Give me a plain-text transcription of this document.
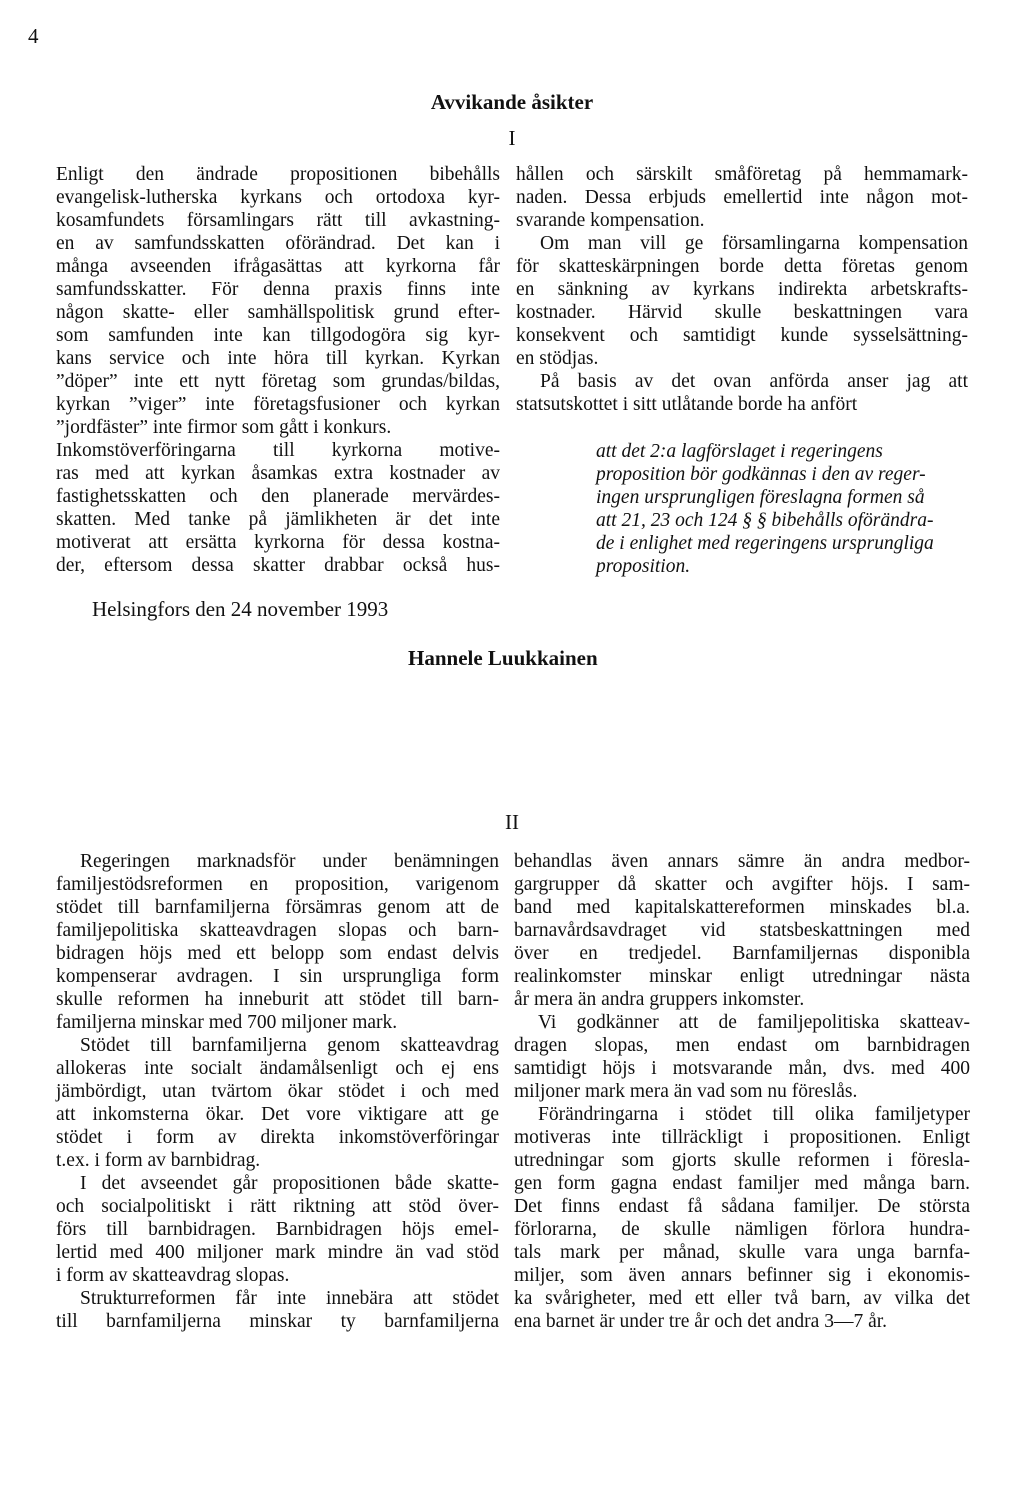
4
Avvikande åsikter
I

Enligt den ändrade propositionen bibehålls

evangelisk-lutherska kyrkans och ortodoxa kyr-

kosamfundets församlingars rätt till avkastning-

en av samfundsskatten oförändrad. Det kan i

många avseenden ifrågasättas att kyrkorna får

samfundsskatter. För denna praxis finns inte

någon skatte- eller samhällspolitisk grund efter-

som samfunden inte kan tillgodogöra sig kyr-

kans service och inte höra till kyrkan. Kyrkan

”döper” inte ett nytt företag som grundas/bildas,

kyrkan ”viger” inte företagsfusioner och kyrkan

”jordfäster” inte firmor som gått i konkurs.

Inkomstöverföringarna till kyrkorna motive-

ras med att kyrkan åsamkas extra kostnader av

fastighetsskatten och den planerade mervärdes-

skatten. Med tanke på jämlikheten är det inte

motiverat att ersätta kyrkorna för dessa kostna-

der, eftersom dessa skatter drabbar också hus-

hållen och särskilt småföretag på hemmamark-

naden. Dessa erbjuds emellertid inte någon mot-

svarande kompensation.

Om man vill ge församlingarna kompensation

för skatteskärpningen borde detta företas genom

en sänkning av kyrkans indirekta arbetskrafts-

kostnader. Härvid skulle beskattningen vara

konsekvent och samtidigt kunde sysselsättning-

en stödjas.

På basis av det ovan anförda anser jag att

statsutskottet i sitt utlåtande borde ha anfört

att det 2:a lagförslaget i regeringens
proposition bör godkännas i den av reger-
ingen ursprungligen föreslagna formen så
att 21, 23 och 124 § § bibehålls oförändra-
de i enlighet med regeringens ursprungliga
proposition.
Helsingfors den 24 november 1993
Hannele Luukkainen
II

Regeringen marknadsför under benämningen

familjestödsreformen en proposition, varigenom

stödet till barnfamiljerna försämras genom att de

familjepolitiska skatteavdragen slopas och barn-

bidragen höjs med ett belopp som endast delvis

kompenserar avdragen. I sin ursprungliga form

skulle reformen ha inneburit att stödet till barn-

familjerna minskar med 700 miljoner mark.

Stödet till barnfamiljerna genom skatteavdrag

allokeras inte socialt ändamålsenligt och ej ens

jämbördigt, utan tvärtom ökar stödet i och med

att inkomsterna ökar. Det vore viktigare att ge

stödet i form av direkta inkomstöverföringar

t.ex. i form av barnbidrag.

I det avseendet går propositionen både skatte-

och socialpolitiskt i rätt riktning att stöd över-

förs till barnbidragen. Barnbidragen höjs emel-

lertid med 400 miljoner mark mindre än vad stöd

i form av skatteavdrag slopas.

Strukturreformen får inte innebära att stödet

till barnfamiljerna minskar ty barnfamiljerna

behandlas även annars sämre än andra medbor-

gargrupper då skatter och avgifter höjs. I sam-

band med kapitalskattereformen minskades bl.a.

barnavårdsavdraget vid statsbeskattningen med

över en tredjedel. Barnfamiljernas disponibla

realinkomster minskar enligt utredningar nästa

år mera än andra gruppers inkomster.

Vi godkänner att de familjepolitiska skatteav-

dragen slopas, men endast om barnbidragen

samtidigt höjs i motsvarande mån, dvs. med 400

miljoner mark mera än vad som nu föreslås.

Förändringarna i stödet till olika familjetyper

motiveras inte tillräckligt i propositionen. Enligt

utredningar som gjorts skulle reformen i föresla-

gen form gagna endast familjer med många barn.

Det finns endast få sådana familjer. De största

förlorarna, de skulle nämligen förlora hundra-

tals mark per månad, skulle vara unga barnfa-

miljer, som även annars befinner sig i ekonomis-

ka svårigheter, med ett eller två barn, av vilka det

ena barnet är under tre år och det andra 3—7 år.
